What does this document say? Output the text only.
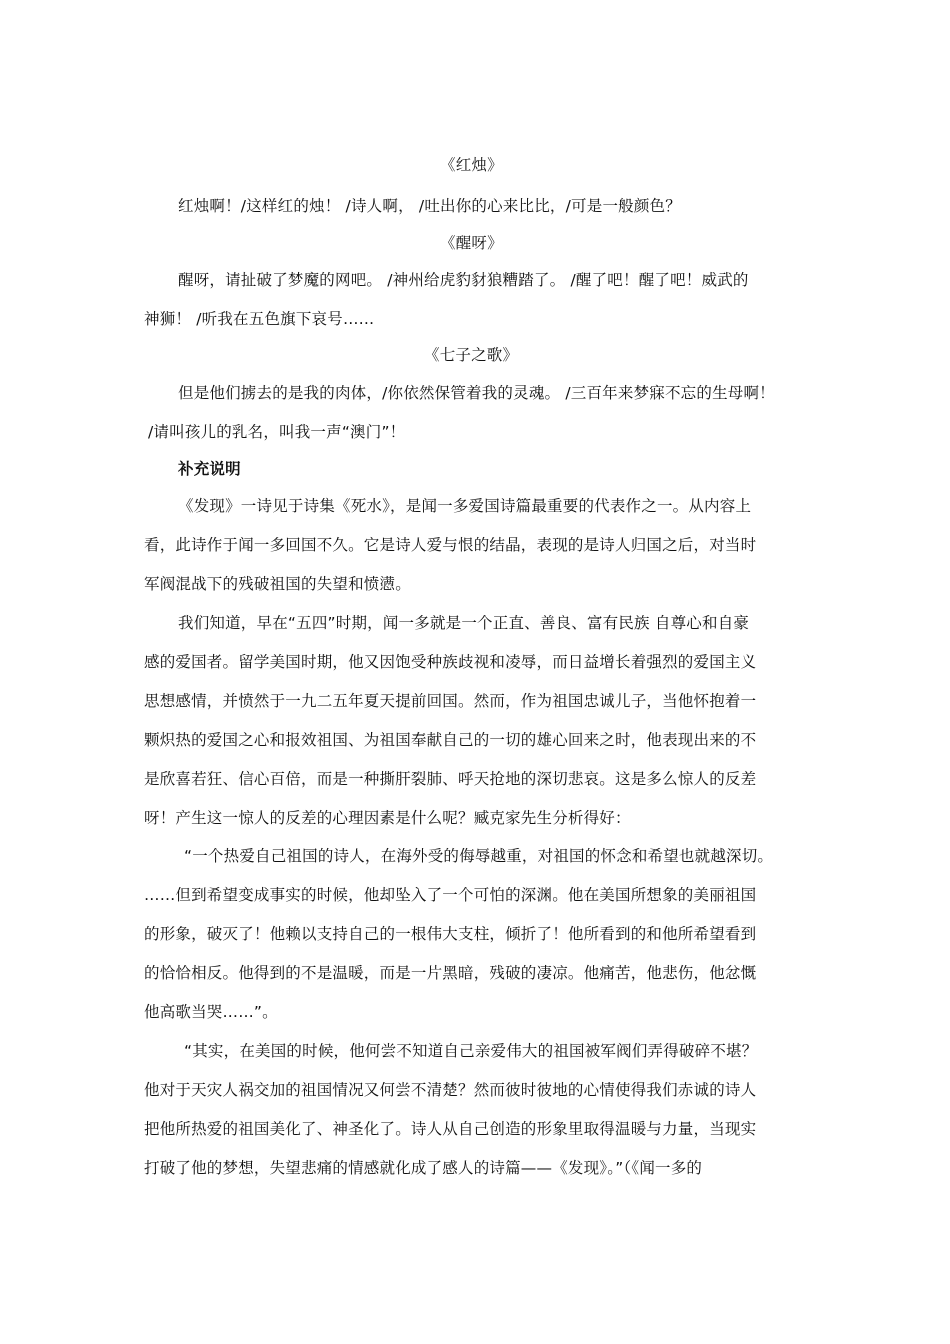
《红烛》
红烛啊！/这样红的烛！ /诗人啊， /吐出你的心来比比，/可是一般颜色？
《醒呀》
醒呀，请扯破了梦魔的网吧。 /神州给虎豹豺狼糟踏了。 /醒了吧！醒了吧！威武的
神狮！ /听我在五色旗下哀号……
《七子之歌》
但是他们掳去的是我的肉体，/你依然保管着我的灵魂。 /三百年来梦寐不忘的生母啊！
/请叫孩儿的乳名，叫我一声“澳门”！
补充说明
《发现》一诗见于诗集《死水》，是闻一多爱国诗篇最重要的代表作之一。从内容上
看，此诗作于闻一多回国不久。它是诗人爱与恨的结晶，表现的是诗人归国之后，对当时
军阀混战下的残破祖国的失望和愤懑。
我们知道，早在“五四”时期，闻一多就是一个正直、善良、富有民族 自尊心和自豪
感的爱国者。留学美国时期，他又因饱受种族歧视和凌辱，而日益增长着强烈的爱国主义
思想感情，并愤然于一九二五年夏天提前回国。然而，作为祖国忠诚儿子，当他怀抱着一
颗炽热的爱国之心和报效祖国、为祖国奉献自己的一切的雄心回来之时，他表现出来的不
是欣喜若狂、信心百倍，而是一种撕肝裂肺、呼天抢地的深切悲哀。这是多么惊人的反差
呀！产生这一惊人的反差的心理因素是什么呢？臧克家先生分析得好：
“一个热爱自己祖国的诗人，在海外受的侮辱越重，对祖国的怀念和希望也就越深切。
……但到希望变成事实的时候，他却坠入了一个可怕的深渊。他在美国所想象的美丽祖国
的形象，破灭了！他赖以支持自己的一根伟大支柱，倾折了！他所看到的和他所希望看到
的恰恰相反。他得到的不是温暖，而是一片黑暗，残破的凄凉。他痛苦，他悲伤，他忿慨
他高歌当哭……”。
“其实，在美国的时候，他何尝不知道自己亲爱伟大的祖国被军阀们弄得破碎不堪？
他对于天灾人祸交加的祖国情况又何尝不清楚？然而彼时彼地的心情使得我们赤诚的诗人
把他所热爱的祖国美化了、神圣化了。诗人从自己创造的形象里取得温暖与力量，当现实
打破了他的梦想，失望悲痛的情感就化成了感人的诗篇——《发现》。”（《闻一多的
